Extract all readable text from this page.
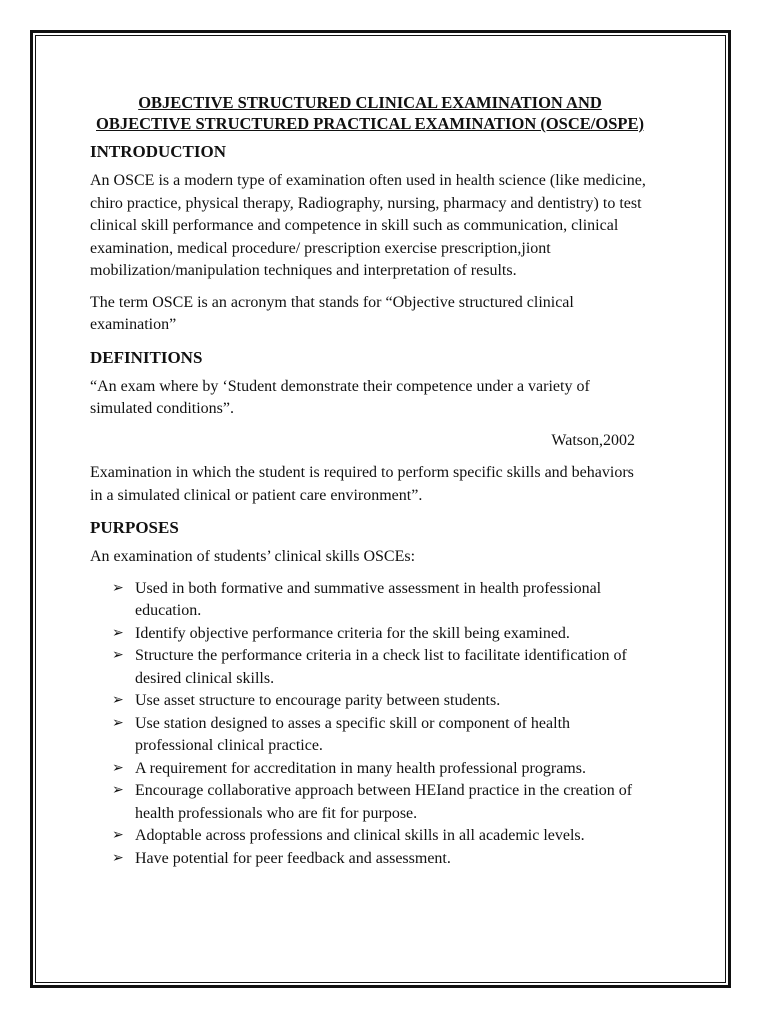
OBJECTIVE STRUCTURED CLINICAL EXAMINATION AND
OBJECTIVE STRUCTURED PRACTICAL EXAMINATION (OSCE/OSPE)
INTRODUCTION

An OSCE is a modern type of examination often used in health science (like medicine, chiro practice, physical therapy, Radiography, nursing, pharmacy and dentistry) to test clinical skill performance and competence in skill such as communication, clinical examination, medical procedure/ prescription exercise prescription,jiont mobilization/manipulation techniques and interpretation of results.

The term OSCE is an acronym that stands for “Objective structured clinical examination”

DEFINITIONS

“An exam where by ‘Student demonstrate their competence under a variety of simulated conditions”.

Watson,2002

Examination in which the student is required to perform specific skills and behaviors in a simulated clinical or patient care environment”.

PURPOSES

An examination of students’ clinical skills OSCEs:

➢ Used in both formative and summative assessment in health professional education.
➢ Identify objective performance criteria for the skill being examined.
➢ Structure the performance criteria in a check list to facilitate identification of desired clinical skills.
➢ Use asset structure to encourage parity between students.
➢ Use station designed to asses a specific skill or component of health professional clinical practice.
➢ A requirement for accreditation in many health professional programs.
➢ Encourage collaborative approach between HEIand practice in the creation of health professionals who are fit for purpose.
➢ Adoptable across professions and clinical skills in all academic levels.
➢ Have potential for peer feedback and assessment.
